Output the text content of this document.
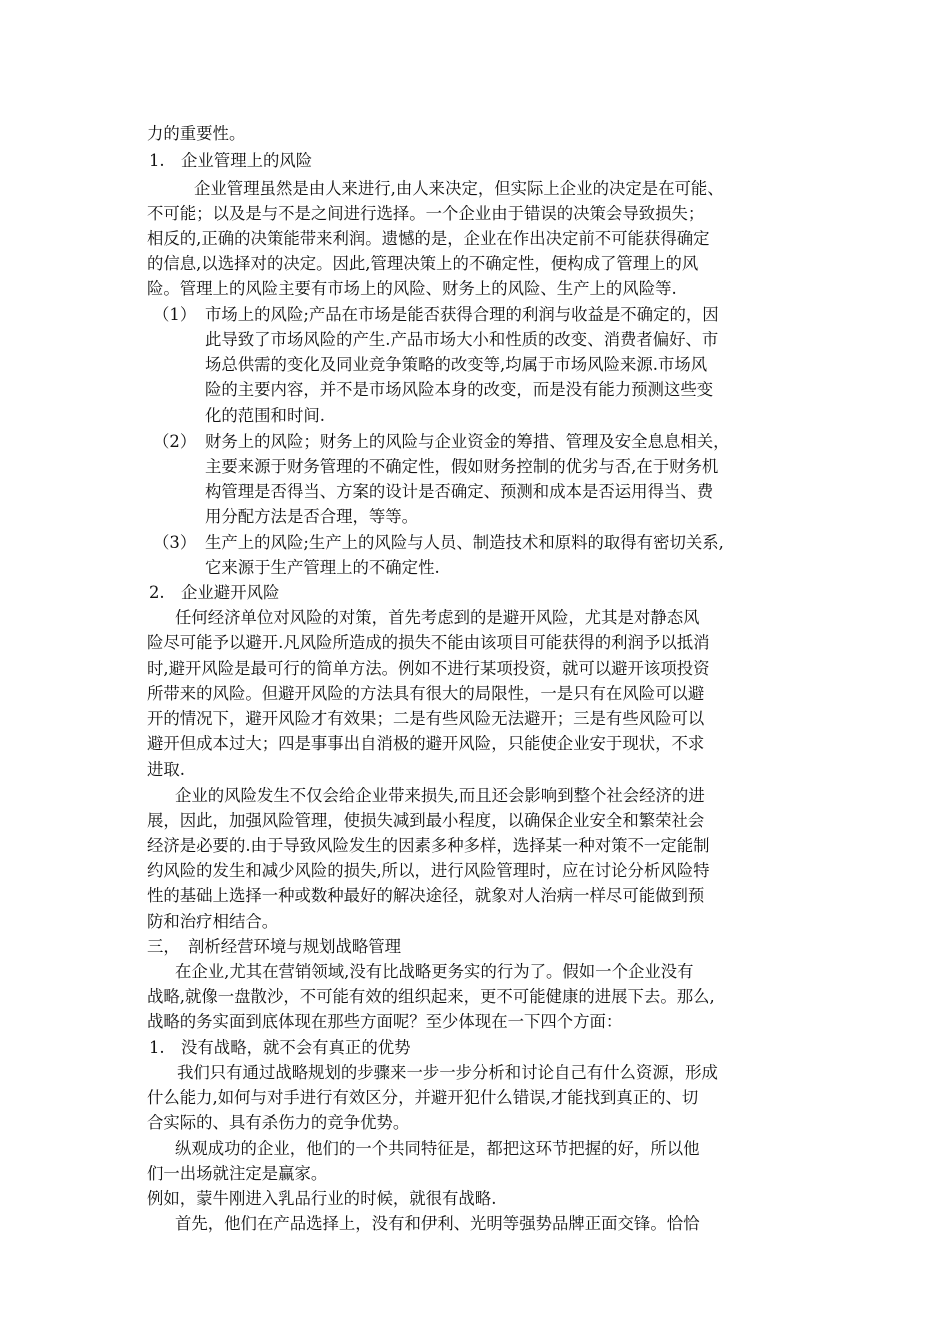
力的重要性。
1.　企业管理上的风险
企业管理虽然是由人来进行,由人来决定，但实际上企业的决定是在可能、
不可能；以及是与不是之间进行选择。一个企业由于错误的决策会导致损失；
相反的,正确的决策能带来利润。遗憾的是，企业在作出决定前不可能获得确定
的信息,以选择对的决定。因此,管理决策上的不确定性，便构成了管理上的风
险。管理上的风险主要有市场上的风险、财务上的风险、生产上的风险等.
（1） 市场上的风险;产品在市场是能否获得合理的利润与收益是不确定的，因
此导致了市场风险的产生.产品市场大小和性质的改变、消费者偏好、市
场总供需的变化及同业竞争策略的改变等,均属于市场风险来源.市场风
险的主要内容，并不是市场风险本身的改变，而是没有能力预测这些变
化的范围和时间.
（2） 财务上的风险；财务上的风险与企业资金的筹措、管理及安全息息相关，
主要来源于财务管理的不确定性，假如财务控制的优劣与否,在于财务机
构管理是否得当、方案的设计是否确定、预测和成本是否运用得当、费
用分配方法是否合理，等等。
（3） 生产上的风险;生产上的风险与人员、制造技术和原料的取得有密切关系,
它来源于生产管理上的不确定性.
2.　企业避开风险
任何经济单位对风险的对策，首先考虑到的是避开风险，尤其是对静态风
险尽可能予以避开.凡风险所造成的损失不能由该项目可能获得的利润予以抵消
时,避开风险是最可行的简单方法。例如不进行某项投资，就可以避开该项投资
所带来的风险。但避开风险的方法具有很大的局限性，一是只有在风险可以避
开的情况下，避开风险才有效果；二是有些风险无法避开；三是有些风险可以
避开但成本过大；四是事事出自消极的避开风险，只能使企业安于现状，不求
进取.
企业的风险发生不仅会给企业带来损失,而且还会影响到整个社会经济的进
展，因此，加强风险管理，使损失减到最小程度，以确保企业安全和繁荣社会
经济是必要的.由于导致风险发生的因素多种多样，选择某一种对策不一定能制
约风险的发生和减少风险的损失,所以，进行风险管理时，应在讨论分析风险特
性的基础上选择一种或数种最好的解决途径，就象对人治病一样尽可能做到预
防和治疗相结合。
三，　剖析经营环境与规划战略管理
在企业,尤其在营销领域,没有比战略更务实的行为了。假如一个企业没有
战略,就像一盘散沙，不可能有效的组织起来，更不可能健康的进展下去。那么,
战略的务实面到底体现在那些方面呢？至少体现在一下四个方面：
1.　没有战略，就不会有真正的优势
我们只有通过战略规划的步骤来一步一步分析和讨论自己有什么资源，形成
什么能力,如何与对手进行有效区分，并避开犯什么错误,才能找到真正的、切
合实际的、具有杀伤力的竞争优势。
纵观成功的企业，他们的一个共同特征是，都把这环节把握的好，所以他
们一出场就注定是赢家。
例如，蒙牛刚进入乳品行业的时候，就很有战略.
首先，他们在产品选择上，没有和伊利、光明等强势品牌正面交锋。恰恰
